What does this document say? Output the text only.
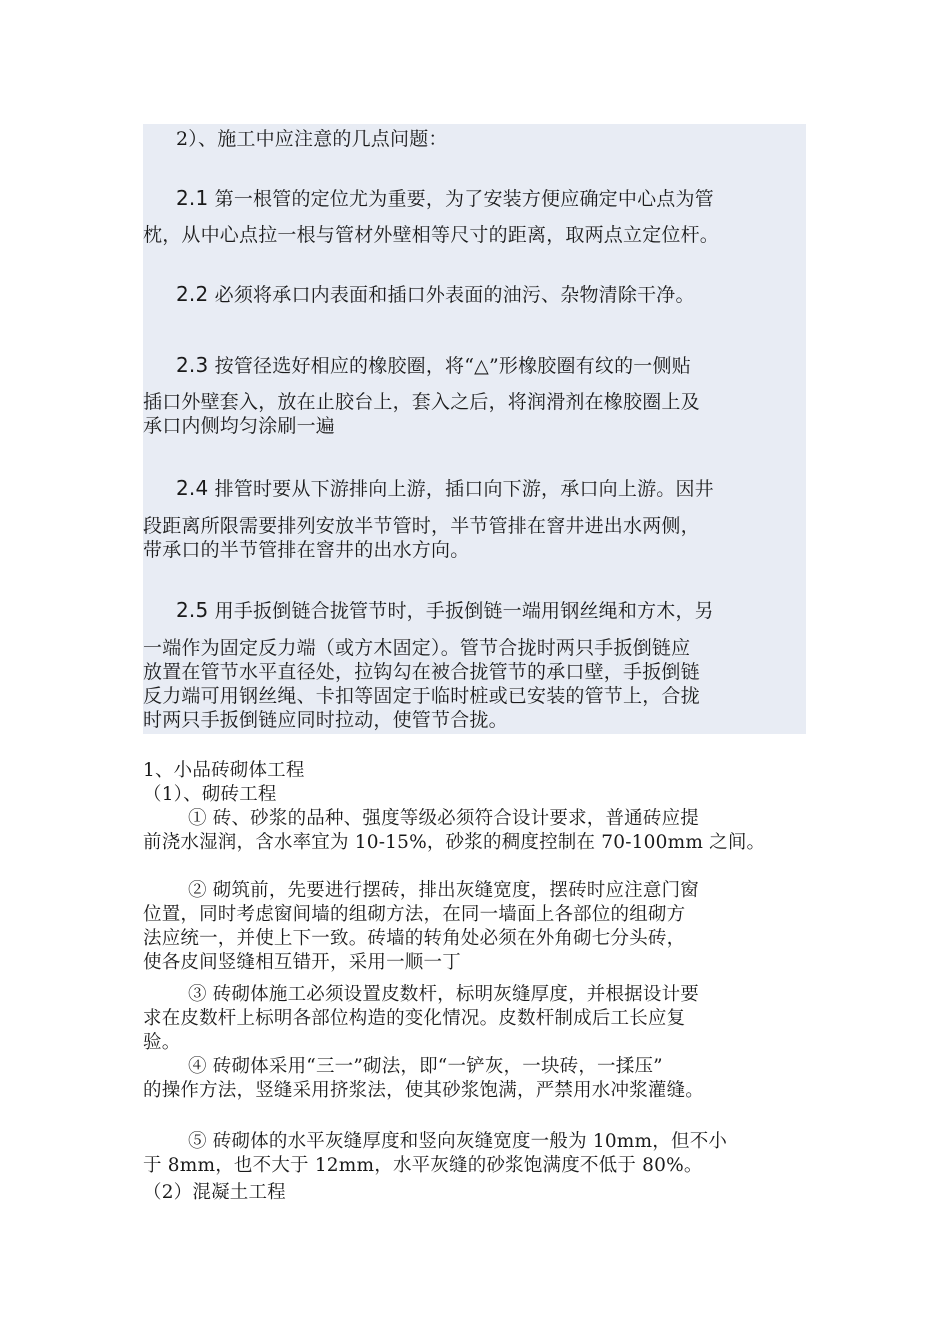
2）、施工中应注意的几点问题：

2.1 第一根管的定位尤为重要，为了安装方便应确定中心点为管

枕，从中心点拉一根与管材外壁相等尺寸的距离，取两点立定位杆。

2.2 必须将承口内表面和插口外表面的油污、杂物清除干净。

2.3 按管径选好相应的橡胶圈，将“△”形橡胶圈有纹的一侧贴

插口外壁套入，放在止胶台上，套入之后，将润滑剂在橡胶圈上及

承口内侧均匀涂刷一遍

2.4 排管时要从下游排向上游，插口向下游，承口向上游。因井

段距离所限需要排列安放半节管时，半节管排在窨井进出水两侧，

带承口的半节管排在窨井的出水方向。

2.5 用手扳倒链合拢管节时，手扳倒链一端用钢丝绳和方木，另

一端作为固定反力端（或方木固定）。管节合拢时两只手扳倒链应

放置在管节水平直径处，拉钩勾在被合拢管节的承口壁，手扳倒链

反力端可用钢丝绳、卡扣等固定于临时桩或已安装的管节上，合拢

时两只手扳倒链应同时拉动，使管节合拢。

1、小品砖砌体工程

（1）、砌砖工程

① 砖、砂浆的品种、强度等级必须符合设计要求，普通砖应提

前浇水湿润，含水率宜为 10-15%，砂浆的稠度控制在 70-100mm 之间。

② 砌筑前，先要进行摆砖，排出灰缝宽度，摆砖时应注意门窗

位置，同时考虑窗间墙的组砌方法，在同一墙面上各部位的组砌方

法应统一，并使上下一致。砖墙的转角处必须在外角砌七分头砖，

使各皮间竖缝相互错开，采用一顺一丁

③ 砖砌体施工必须设置皮数杆，标明灰缝厚度，并根据设计要

求在皮数杆上标明各部位构造的变化情况。皮数杆制成后工长应复

验。

④ 砖砌体采用“三一”砌法，即“一铲灰，一块砖，一揉压”

的操作方法，竖缝采用挤浆法，使其砂浆饱满，严禁用水冲浆灌缝。

⑤ 砖砌体的水平灰缝厚度和竖向灰缝宽度一般为 10mm，但不小

于 8mm，也不大于 12mm，水平灰缝的砂浆饱满度不低于 80%。

（2）混凝土工程
